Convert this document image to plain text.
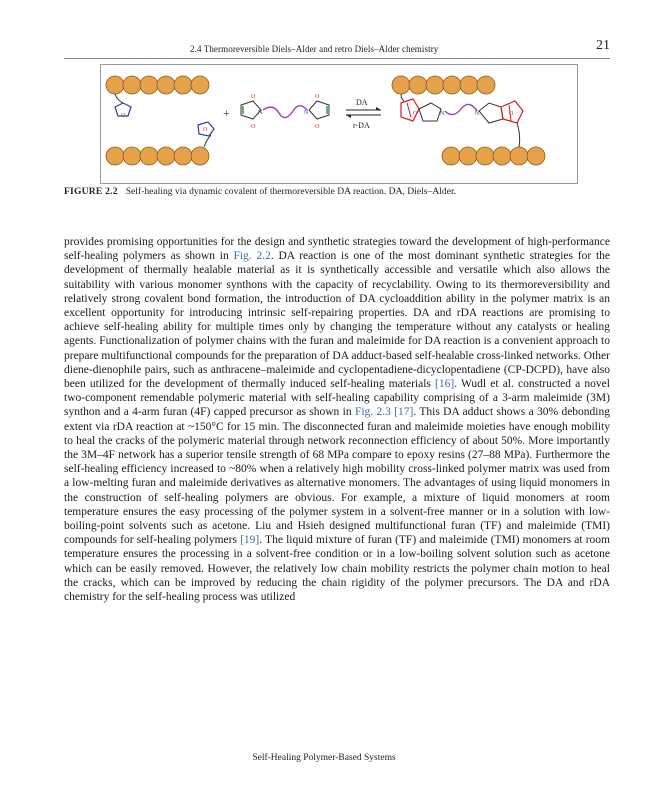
2.4 Thermoreversible Diels–Alder and retro Diels–Alder chemistry	21
O
O
+	N
O
O
N
O
O
DA
r-DA
O	N	N	O
FIGURE 2.2 Self-healing via dynamic covalent of thermoreversible DA reaction. DA, Diels–Alder.
provides promising opportunities for the design and synthetic strategies toward the development of high-performance self-healing polymers as shown in Fig. 2.2. DA reaction is one of the most dominant synthetic strategies for the development of thermally healable material as it is synthetically accessible and versatile which also allows the suitability with various monomer synthons with the capacity of recyclability. Owing to its thermoreversibility and relatively strong covalent bond formation, the introduction of DA cycloaddition ability in the polymer matrix is an excellent opportunity for introducing intrinsic self-repairing properties. DA and rDA reactions are promising to achieve self-healing ability for multiple times only by changing the temperature without any catalysts or healing agents. Functionalization of polymer chains with the furan and maleimide for DA reaction is a convenient approach to prepare multifunctional compounds for the preparation of DA adduct-based self-healable cross-linked networks. Other diene-dienophile pairs, such as anthracene–maleimide and cyclopentadiene-dicyclopentadiene (CP-DCPD), have also been utilized for the development of thermally induced self-healing materials [16]. Wudl et al. constructed a novel two-component remendable polymeric material with self-healing capability comprising of a 3-arm maleimide (3M) synthon and a 4-arm furan (4F) capped precursor as shown in Fig. 2.3 [17]. This DA adduct shows a 30% debonding extent via rDA reaction at ~150°C for 15 min. The disconnected furan and maleimide moieties have enough mobility to heal the cracks of the polymeric material through network reconnection efficiency of about 50%. More importantly the 3M–4F network has a superior tensile strength of 68 MPa compare to epoxy resins (27–88 MPa). Furthermore the self-healing efficiency increased to ~80% when a relatively high mobility cross-linked polymer matrix was used from a low-melting furan and maleimide derivatives as alternative monomers. The advantages of using liquid monomers in the construction of self-healing polymers are obvious. For example, a mixture of liquid monomers at room temperature ensures the easy processing of the polymer system in a solvent-free manner or in a solution with low-boiling-point solvents such as acetone. Liu and Hsieh designed multifunctional furan (TF) and maleimide (TMI) compounds for self-healing polymers [19]. The liquid mixture of furan (TF) and maleimide (TMI) monomers at room temperature ensures the processing in a solvent-free condition or in a low-boiling solvent solution such as acetone which can be easily removed. However, the relatively low chain mobility restricts the polymer chain motion to heal the cracks, which can be improved by reducing the chain rigidity of the polymer precursors. The DA and rDA chemistry for the self-healing process was utilized
Self-Healing Polymer-Based Systems
